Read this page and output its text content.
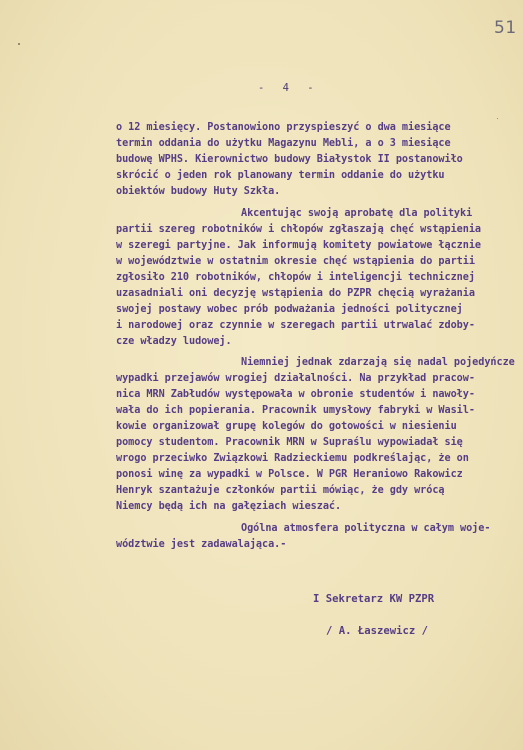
51
- 4 -
o 12 miesięcy. Postanowiono przyspieszyć o dwa miesiące
termin oddania do użytku Magazynu Mebli, a o 3 miesiące
budowę WPHS. Kierownictwo budowy Białystok II postanowiło
skrócić o jeden rok planowany termin oddanie do użytku
obiektów budowy Huty Szkła.
Akcentując swoją aprobatę dla polityki
partii szereg robotników i chłopów zgłaszają chęć wstąpienia
w szeregi partyjne. Jak informują komitety powiatowe łącznie
w województwie w ostatnim okresie chęć wstąpienia do partii
zgłosiło 210 robotników, chłopów i inteligencji technicznej
uzasadniali oni decyzję wstąpienia do PZPR chęcią wyrażania
swojej postawy wobec prób podważania jedności politycznej
i narodowej oraz czynnie w szeregach partii utrwalać zdoby-
cze władzy ludowej.
Niemniej jednak zdarzają się nadal pojedyńcze
wypadki przejawów wrogiej działalności. Na przykład pracow-
nica MRN Zabłudów występowała w obronie studentów i nawoły-
wała do ich popierania. Pracownik umysłowy fabryki w Wasil-
kowie organizował grupę kolegów do gotowości w niesieniu
pomocy studentom. Pracownik MRN w Supraślu wypowiadał się
wrogo przeciwko Związkowi Radzieckiemu podkreślając, że on
ponosi winę za wypadki w Polsce. W PGR Heraniowo Rakowicz
Henryk szantażuje członków partii mówiąc, że gdy wrócą
Niemcy będą ich na gałęziach wieszać.
Ogólna atmosfera polityczna w całym woje-
wództwie jest zadawalająca.-
I Sekretarz KW PZPR
/ A. Łaszewicz /
